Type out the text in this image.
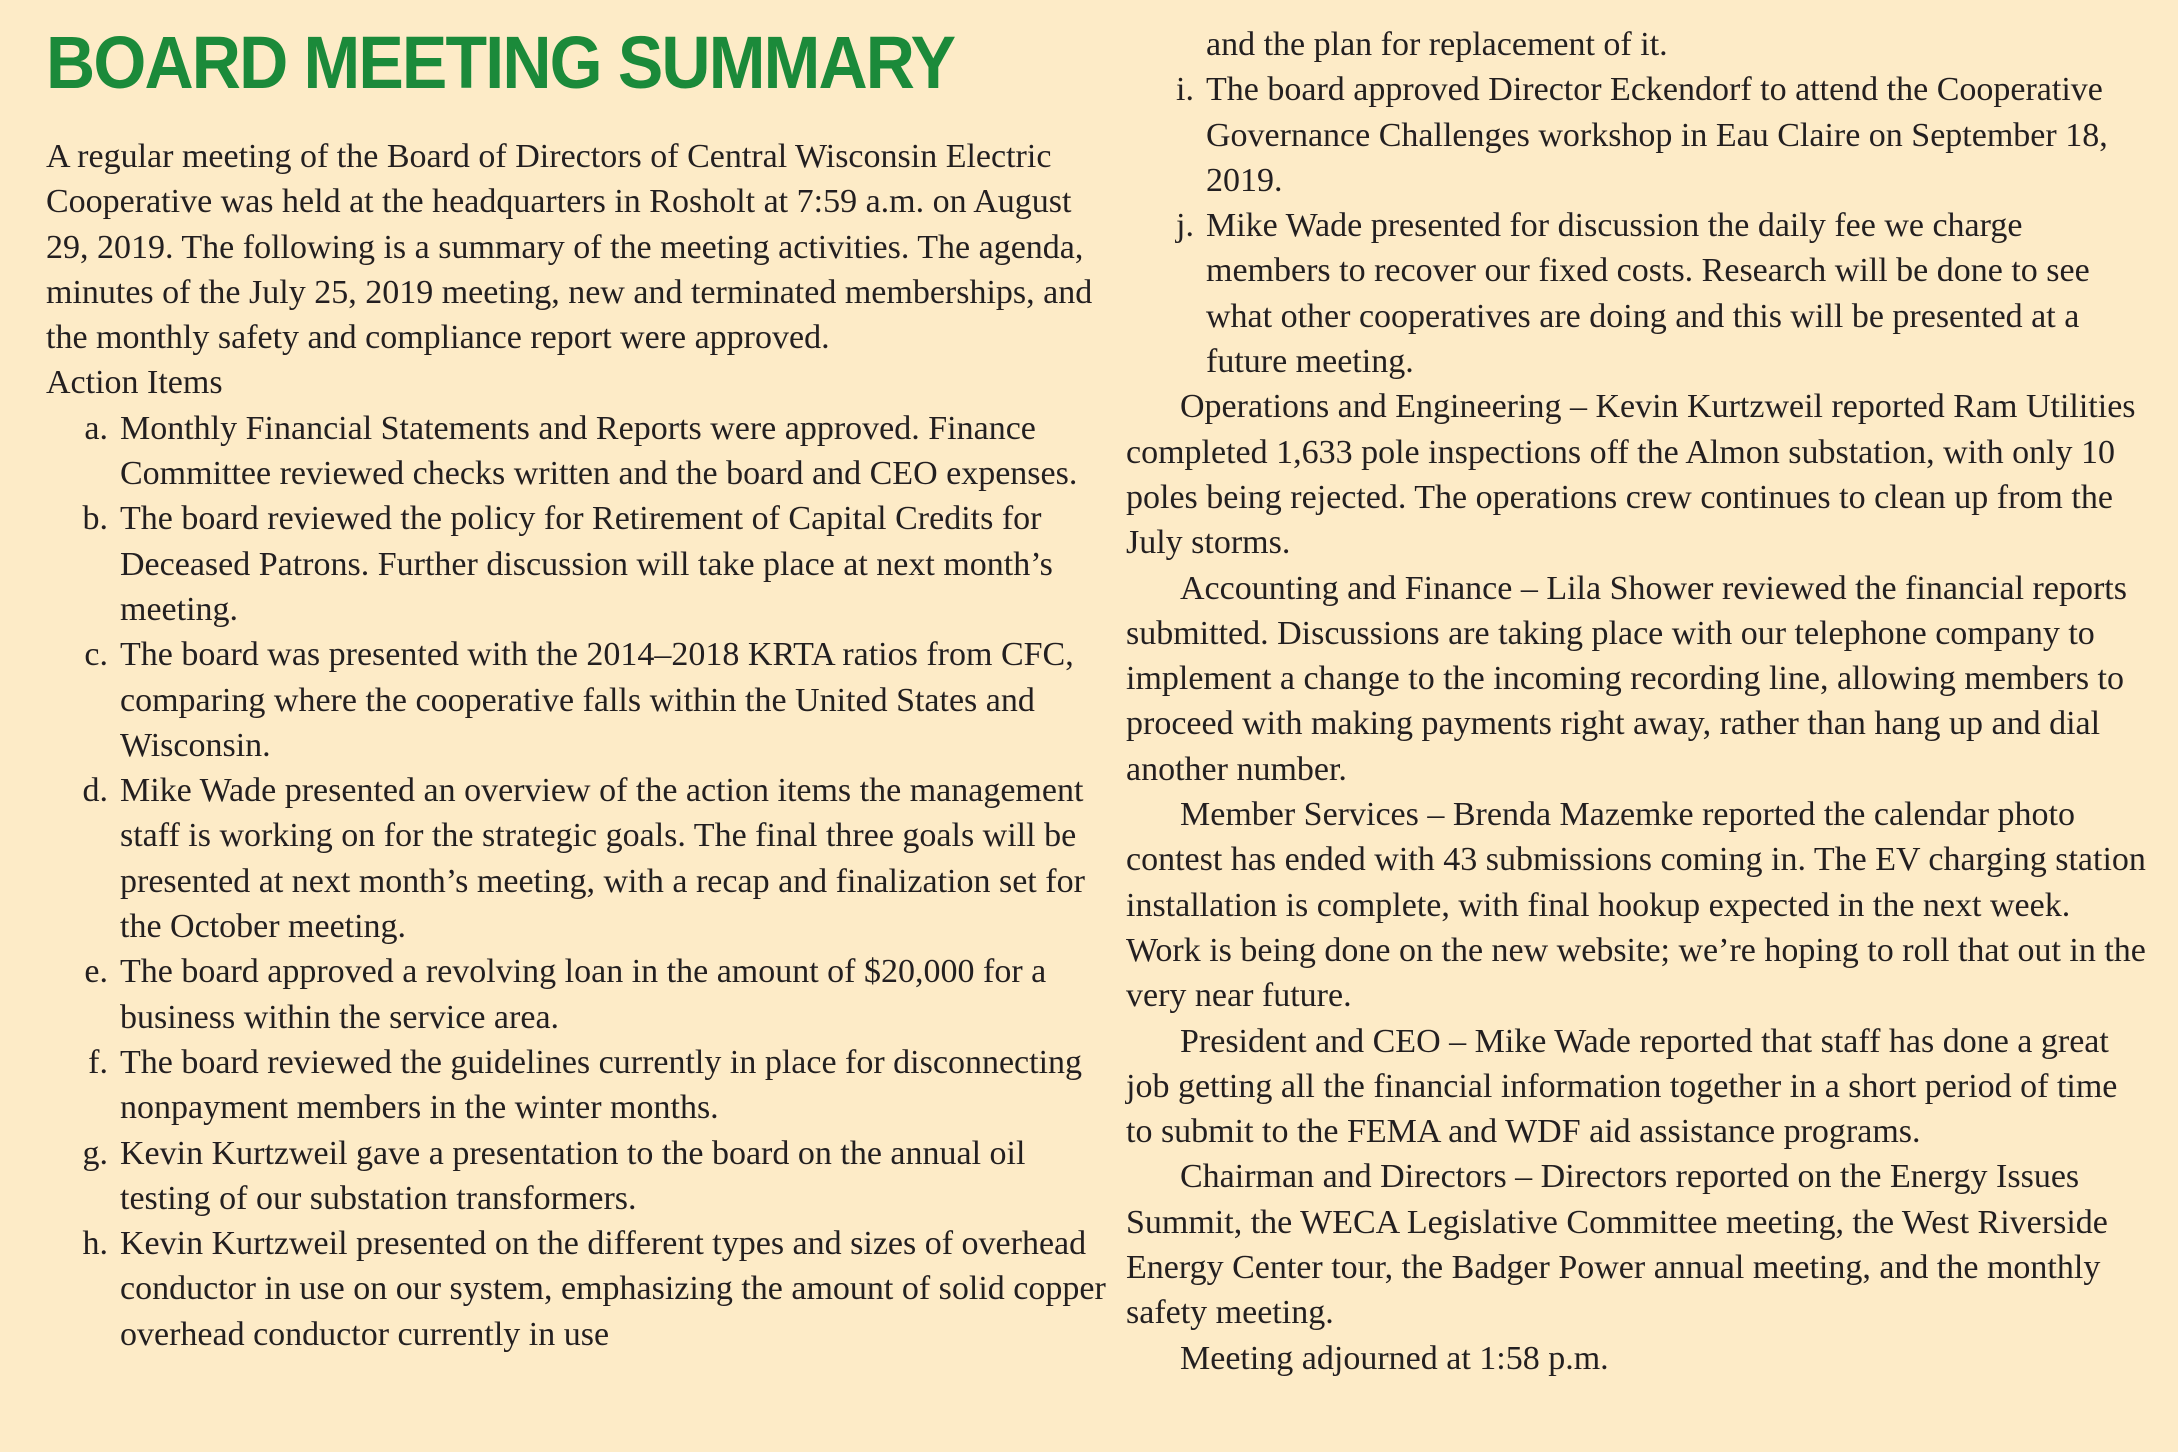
BOARD MEETING SUMMARY

A regular meeting of the Board of Directors of Central Wisconsin Electric Cooperative was held at the headquarters in Rosholt at 7:59 a.m. on August 29, 2019. The following is a summary of the meeting activities. The agenda, minutes of the July 25, 2019 meeting, new and terminated memberships, and the monthly safety and compliance report were approved.

Action Items

a. Monthly Financial Statements and Reports were approved. Finance Committee reviewed checks written and the board and CEO expenses.
b. The board reviewed the policy for Retirement of Capital Credits for Deceased Patrons. Further discussion will take place at next month’s meeting.
c. The board was presented with the 2014–2018 KRTA ratios from CFC, comparing where the cooperative falls within the United States and Wisconsin.
d. Mike Wade presented an overview of the action items the management staff is working on for the strategic goals. The final three goals will be presented at next month’s meeting, with a recap and finalization set for the October meeting.
e. The board approved a revolving loan in the amount of $20,000 for a business within the service area.
f. The board reviewed the guidelines currently in place for disconnecting nonpayment members in the winter months.
g. Kevin Kurtzweil gave a presentation to the board on the annual oil testing of our substation transformers.
h. Kevin Kurtzweil presented on the different types and sizes of overhead conductor in use on our system, emphasizing the amount of solid copper overhead conductor currently in use

and the plan for replacement of it.

i. The board approved Director Eckendorf to attend the Cooperative Governance Challenges workshop in Eau Claire on September 18, 2019.
j. Mike Wade presented for discussion the daily fee we charge members to recover our fixed costs. Research will be done to see what other cooperatives are doing and this will be presented at a future meeting.

Operations and Engineering – Kevin Kurtzweil reported Ram Utilities completed 1,633 pole inspections off the Almon substation, with only 10 poles being rejected. The operations crew continues to clean up from the July storms.

Accounting and Finance – Lila Shower reviewed the financial reports submitted. Discussions are taking place with our telephone company to implement a change to the incoming recording line, allowing members to proceed with making payments right away, rather than hang up and dial another number.

Member Services – Brenda Mazemke reported the calendar photo contest has ended with 43 submissions coming in. The EV charging station installation is complete, with final hookup expected in the next week. Work is being done on the new website; we’re hoping to roll that out in the very near future.

President and CEO – Mike Wade reported that staff has done a great job getting all the financial information together in a short period of time to submit to the FEMA and WDF aid assistance programs.

Chairman and Directors – Directors reported on the Energy Issues Summit, the WECA Legislative Committee meeting, the West Riverside Energy Center tour, the Badger Power annual meeting, and the monthly safety meeting.

Meeting adjourned at 1:58 p.m.
